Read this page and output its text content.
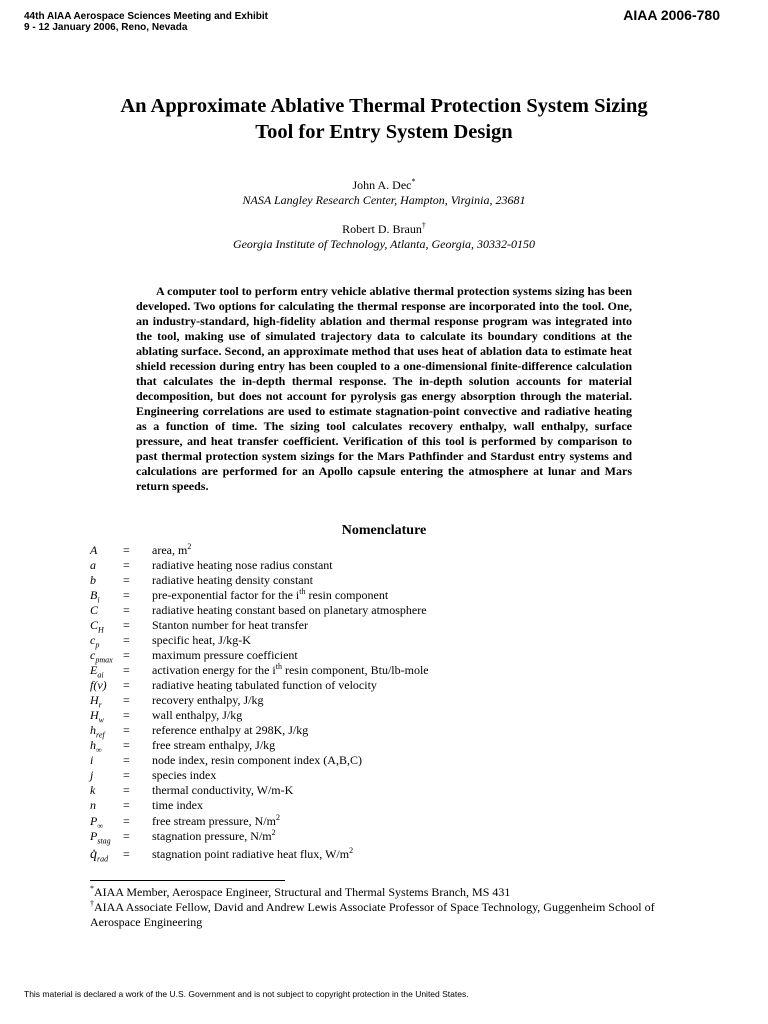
44th AIAA Aerospace Sciences Meeting and Exhibit
9 - 12 January 2006, Reno, Nevada
AIAA 2006-780
An Approximate Ablative Thermal Protection System Sizing
Tool for Entry System Design
John A. Dec*
NASA Langley Research Center, Hampton, Virginia, 23681
Robert D. Braun†
Georgia Institute of Technology, Atlanta, Georgia, 30332-0150

A computer tool to perform entry vehicle ablative thermal protection systems sizing has been developed. Two options for calculating the thermal response are incorporated into the tool. One, an industry-standard, high-fidelity ablation and thermal response program was integrated into the tool, making use of simulated trajectory data to calculate its boundary conditions at the ablating surface. Second, an approximate method that uses heat of ablation data to estimate heat shield recession during entry has been coupled to a one-dimensional finite-difference calculation that calculates the in-depth thermal response. The in-depth solution accounts for material decomposition, but does not account for pyrolysis gas energy absorption through the material. Engineering correlations are used to estimate stagnation-point convective and radiative heating as a function of time. The sizing tool calculates recovery enthalpy, wall enthalpy, surface pressure, and heat transfer coefficient. Verification of this tool is performed by comparison to past thermal protection system sizings for the Mars Pathfinder and Stardust entry systems and calculations are performed for an Apollo capsule entering the atmosphere at lunar and Mars return speeds.

Nomenclature
A	=	area, $m^2$
a	=	radiative heating nose radius constant
b	=	radiative heating density constant
$B_i$	=	pre-exponential factor for the $i^{th}$ resin component
C	=	radiative heating constant based on planetary atmosphere
$C_H$	=	Stanton number for heat transfer
$c_p$	=	specific heat, J/kg-K
$c_{pmax}$ =	maximum pressure coefficient
$E_{ai}$	=	activation energy for the $i^{th}$ resin component, Btu/lb-mole
f(v)	=	radiative heating tabulated function of velocity
$H_r$	=	recovery enthalpy, J/kg
$H_w$	=	wall enthalpy, J/kg
$h_{ref}$	=	reference enthalpy at 298K, J/kg
$h_\infty$	=	free stream enthalpy, J/kg
i	=	node index, resin component index (A,B,C)
j	=	species index
k	=	thermal conductivity, W/m-K
n	=	time index
$P_\infty$	=	free stream pressure, $N/m^2$
$P_{stag}$	=	stagnation pressure, $N/m^2$
$q̇_{rad}$	=	stagnation point radiative heat flux, $W/m^2$
*AIAA Member, Aerospace Engineer, Structural and Thermal Systems Branch, MS 431
†AIAA Associate Fellow, David and Andrew Lewis Associate Professor of Space Technology, Guggenheim School of Aerospace Engineering
This material is declared a work of the U.S. Government and is not subject to copyright protection in the United States.
